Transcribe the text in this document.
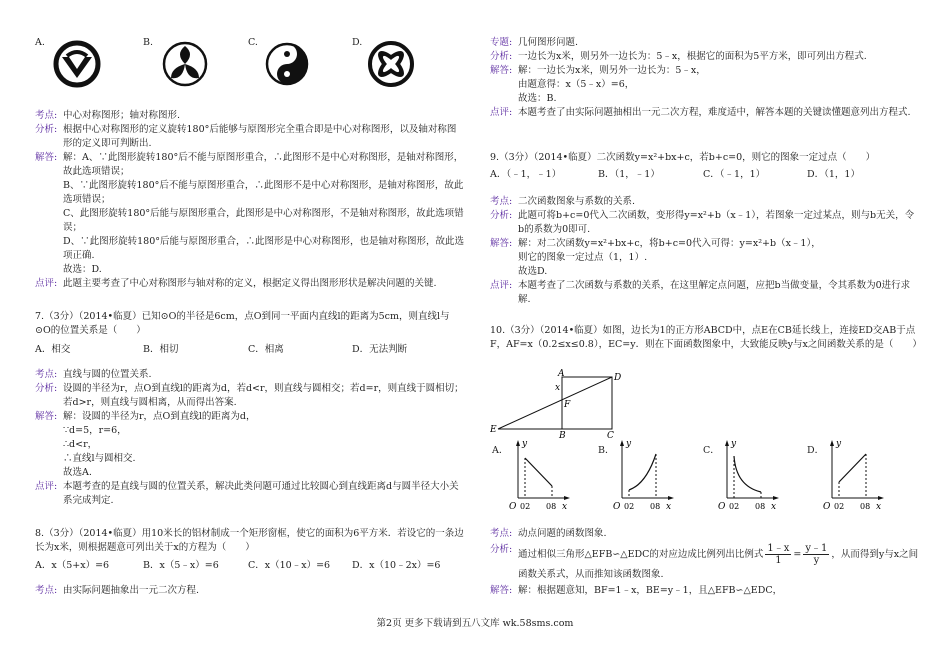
A.	B.	C.	D.
考点: 中心对称图形；轴对称图形.
分析: 根据中心对称图形的定义旋转180°后能够与原图形完全重合即是中心对称图形，以及轴对称图形的定义即可判断出.
解答: 解：A、∵此图形旋转180°后不能与原图形重合，∴此图形不是中心对称图形，是轴对称图形，故此选项错误；
B、∵此图形旋转180°后不能与原图形重合，∴此图形不是中心对称图形，是轴对称图形，故此选项错误；
C、此图形旋转180°后能与原图形重合，此图形是中心对称图形，不是轴对称图形，故此选项错误；
D、∵此图形旋转180°后能与原图形重合，∴此图形是中心对称图形，也是轴对称图形，故此选项正确.
故选：D.
点评: 此题主要考查了中心对称图形与轴对称的定义，根据定义得出图形形状是解决问题的关键.
7.（3分）（2014•临夏）已知⊙O的半径是6cm，点O到同一平面内直线l的距离为5cm，则直线l与⊙O的位置关系是（　　）
A．相交	B．相切	C．相离	D．无法判断
考点: 直线与圆的位置关系.
分析: 设圆的半径为r，点O到直线l的距离为d，若d<r，则直线与圆相交；若d=r，则直线于圆相切；若d>r，则直线与圆相离，从而得出答案.
解答: 解：设圆的半径为r，点O到直线l的距离为d，
∵d=5，r=6，
∴d<r，
∴直线l与圆相交.
故选A.
点评: 本题考查的是直线与圆的位置关系，解决此类问题可通过比较圆心到直线距离d与圆半径大小关系完成判定.
8.（3分）（2014•临夏）用10米长的铝材制成一个矩形窗框，使它的面积为6平方米．若设它的一条边长为x米，则根据题意可列出关于x的方程为（　　）
A．x（5+x）=6	B．x（5﹣x）=6	C．x（10﹣x）=6 D．x（10﹣2x）=6
考点: 由实际问题抽象出一元二次方程.
专题: 几何图形问题.
分析: 一边长为x米，则另外一边长为：5﹣x，根据它的面积为5平方米，即可列出方程式.
解答: 解：一边长为x米，则另外一边长为：5﹣x，
由题意得：x（5﹣x）=6，
故选：B.
点评: 本题考查了由实际问题抽相出一元二次方程，难度适中，解答本题的关键读懂题意列出方程式.
9.（3分）（2014•临夏）二次函数y=x²+bx+c，若b+c=0，则它的图象一定过点（　　）
A．（﹣1，﹣1）	B．（1，﹣1）	C．（﹣1，1）	D．（1，1）
考点: 二次函数图象与系数的关系.
分析: 此题可将b+c=0代入二次函数，变形得y=x²+b（x﹣1），若图象一定过某点，则与b无关，令b的系数为0即可.
解答: 解：对二次函数y=x²+bx+c，将b+c=0代入可得：y=x²+b（x﹣1），
则它的图象一定过点（1，1）.
故选D.
点评: 本题考查了二次函数与系数的关系，在这里解定点问题，应把b当做变量，令其系数为0进行求解.
10.（3分）（2014•临夏）如图，边长为1的正方形ABCD中，点E在CB延长线上，连接ED交AB于点F，AF=x（0.2≤x≤0.8），EC=y．则在下面函数图象中，大致能反映y与x之间函数关系的是（　　）
A	D
F
x
E
B	C
A．	B．	C．	D．
y
O 02 08 x
y
O 02 08 x
y
O 02 08 x
y
O 02 08 x
考点: 动点问题的函数图象.
分析: 通过相似三角形△EFB∽△EDC的对应边成比例列出比例式 $\frac{1﹣x}{1} = \frac{y﹣1}{y}$ ，从而得到y与x之间函数关系式，从而推知该函数图象.
解答: 解：根据题意知，BF=1﹣x，BE=y﹣1，且△EFB∽△EDC，
第2页 更多下载请到五八文库 wk.58sms.com
